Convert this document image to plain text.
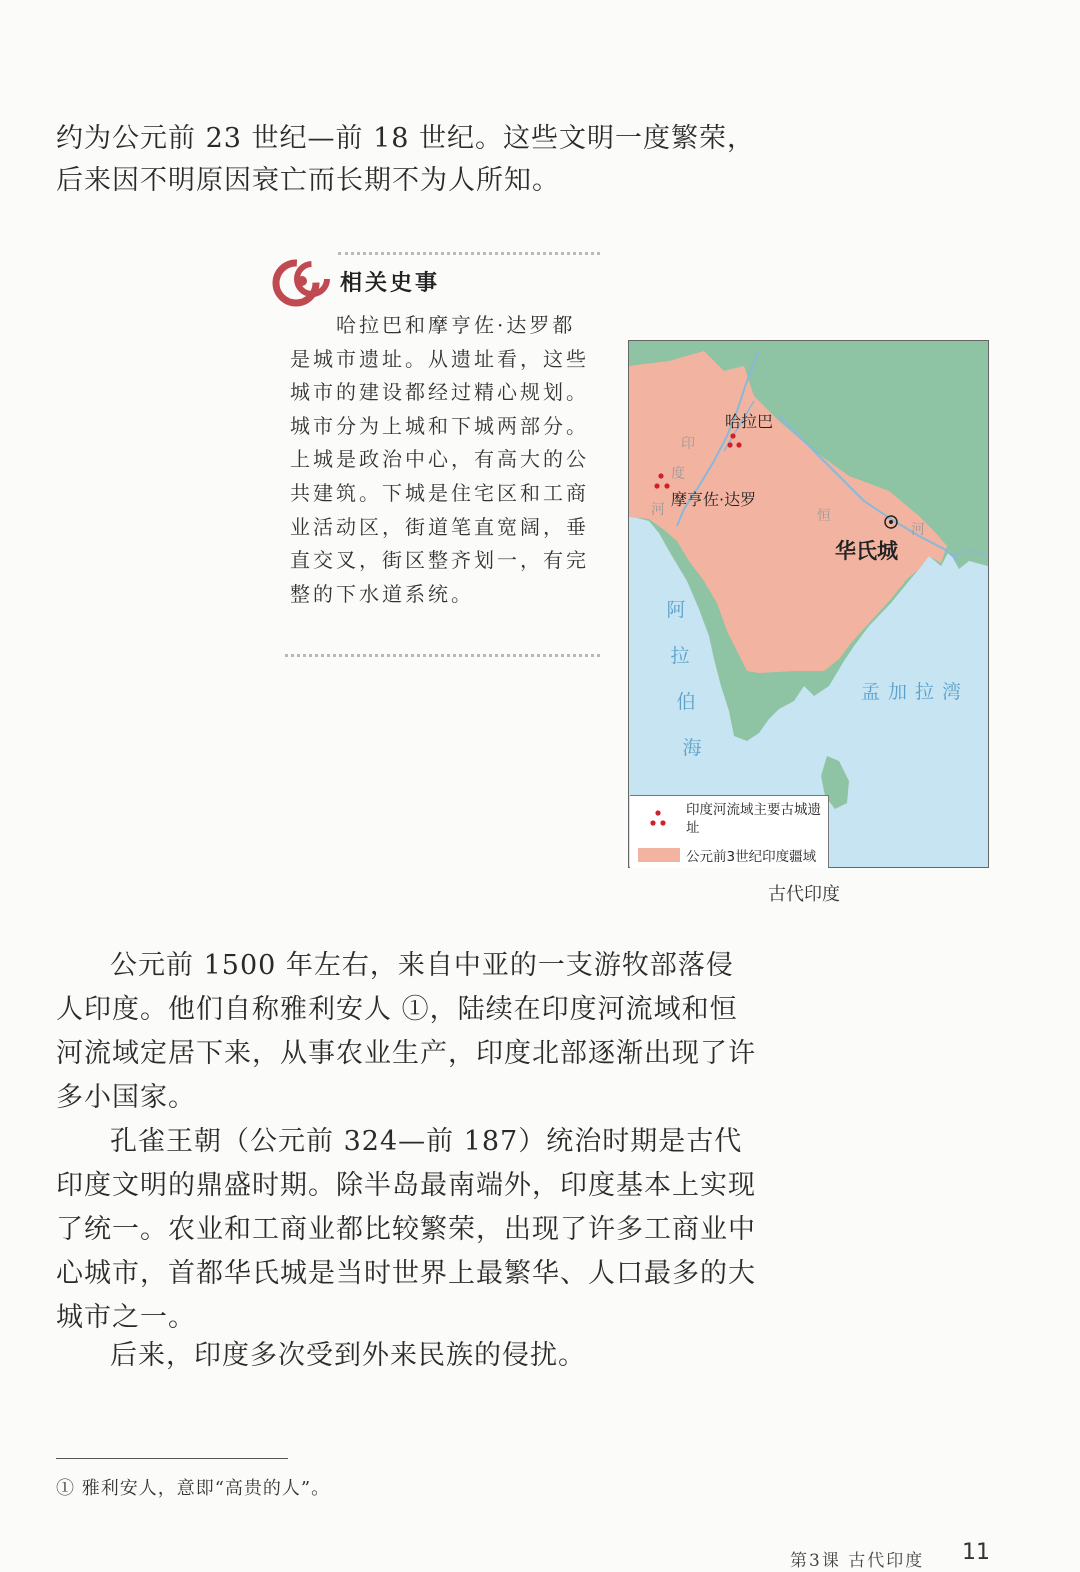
约为公元前 23 世纪—前 18 世纪。这些文明一度繁荣，后来因不明原因衰亡而长期不为人所知。

相关史事

哈拉巴和摩亨佐·达罗都是城市遗址。从遗址看，这些城市的建设都经过精心规划。城市分为上城和下城两部分。上城是政治中心，有高大的公共建筑。下城是住宅区和工商业活动区，街道笔直宽阔，垂直交叉，街区整齐划一，有完整的下水道系统。

哈拉巴
摩亨佐·达罗
华氏城
印
度
河	恒
河
阿
拉
伯
海
孟加拉湾
印度河流域主要古城遗址
公元前3世纪印度疆域
古代印度

公元前 1500 年左右，来自中亚的一支游牧部落侵人印度。他们自称雅利安人 ①，陆续在印度河流域和恒河流域定居下来，从事农业生产，印度北部逐渐出现了许多小国家。

孔雀王朝（公元前 324—前 187）统治时期是古代印度文明的鼎盛时期。除半岛最南端外，印度基本上实现了统一。农业和工商业都比较繁荣，出现了许多工商业中心城市，首都华氏城是当时世界上最繁华、人口最多的大城市之一。

后来，印度多次受到外来民族的侵扰。

① 雅利安人，意即“高贵的人”。
第3课 古代印度 11
